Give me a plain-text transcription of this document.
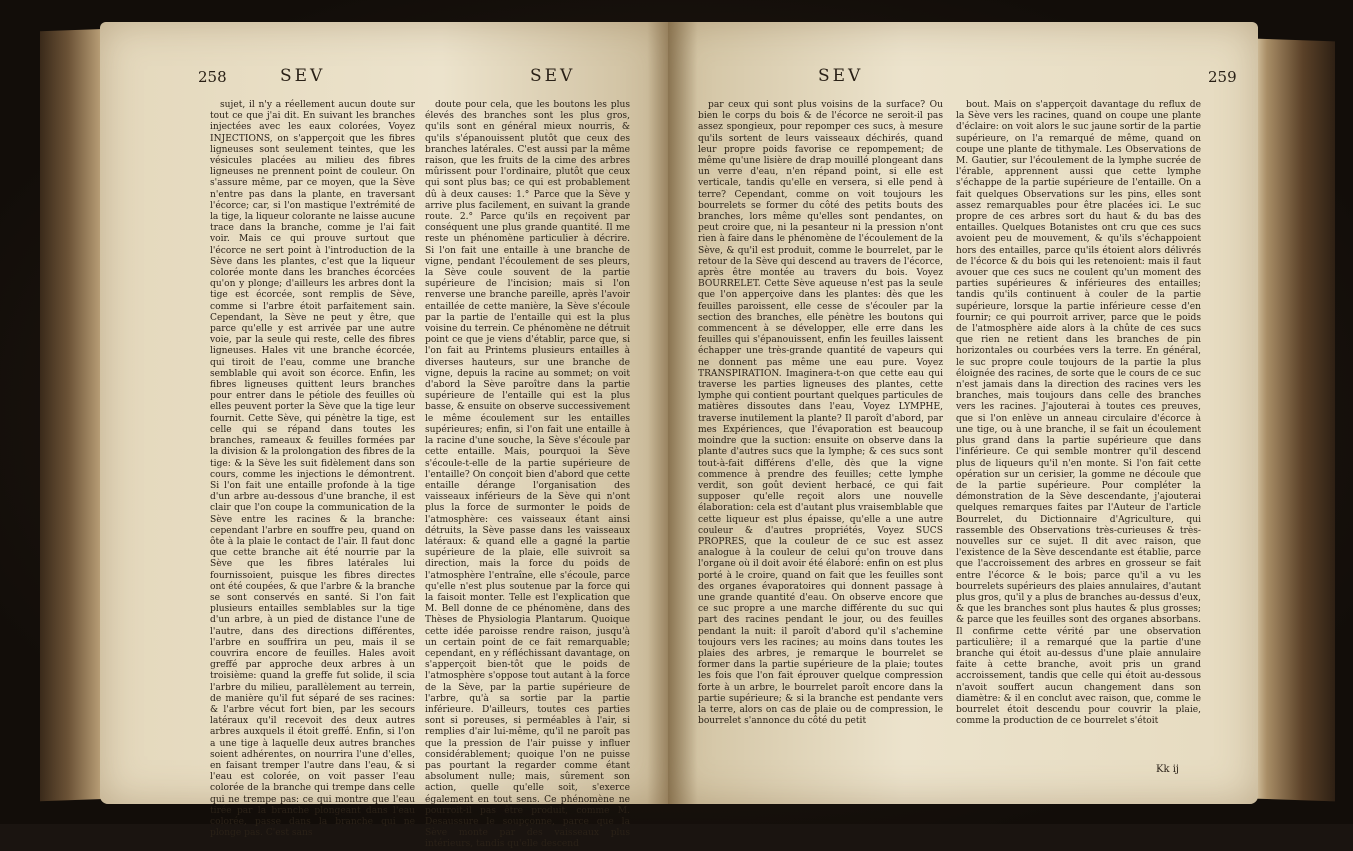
258	SEV	SEV

sujet, il n'y a réellement aucun doute sur tout ce que j'ai dit. En suivant les branches injectées avec les eaux colorées, Voyez INJECTIONS, on s'apperçoit que les fibres ligneuses sont seulement teintes, que les vésicules placées au milieu des fibres ligneuses ne prennent point de couleur. On s'assure même, par ce moyen, que la Sève n'entre pas dans la plante, en traversant l'écorce; car, si l'on mastique l'extrémité de la tige, la liqueur colorante ne laisse aucune trace dans la branche, comme je l'ai fait voir. Mais ce qui prouve surtout que l'écorce ne sert point à l'introduction de la Sève dans les plantes, c'est que la liqueur colorée monte dans les branches écorcées qu'on y plonge; d'ailleurs les arbres dont la tige est écorcée, sont remplis de Sève, comme si l'arbre étoit parfaitement sain. Cependant, la Sève ne peut y être, que parce qu'elle y est arrivée par une autre voie, par la seule qui reste, celle des fibres ligneuses. Hales vit une branche écorcée, qui tiroit de l'eau, comme une branche semblable qui avoit son écorce. Enfin, les fibres ligneuses quittent leurs branches pour entrer dans le pétiole des feuilles où elles peuvent porter la Sève que la tige leur fournit. Cette Sève, qui pénètre la tige, est celle qui se répand dans toutes les branches, rameaux & feuilles formées par la division & la prolongation des fibres de la tige: & la Sève les suit fidèlement dans son cours, comme les injections le démontrent. Si l'on fait une entaille profonde à la tige d'un arbre au-dessous d'une branche, il est clair que l'on coupe la communication de la Sève entre les racines & la branche: cependant l'arbre en souffre peu, quand on ôte à la plaie le contact de l'air. Il faut donc que cette branche ait été nourrie par la Sève que les fibres latérales lui fournissoient, puisque les fibres directes ont été coupées, & que l'arbre & la branche se sont conservés en santé. Si l'on fait plusieurs entailles semblables sur la tige d'un arbre, à un pied de distance l'une de l'autre, dans des directions différentes, l'arbre en souffrira un peu, mais il se couvrira encore de feuilles. Hales avoit greffé par approche deux arbres à un troisième: quand la greffe fut solide, il scia l'arbre du milieu, parallèlement au terrein, de manière qu'il fut séparé de ses racines: & l'arbre vécut fort bien, par les secours latéraux qu'il recevoit des deux autres arbres auxquels il étoit greffé. Enfin, si l'on a une tige à laquelle deux autres branches soient adhérentes, on nourrira l'une d'elles, en faisant tremper l'autre dans l'eau, & si l'eau est colorée, on voit passer l'eau colorée de la branche qui trempe dans celle qui ne trempe pas: ce qui montre que l'eau tirée par la branche plongeant dans l'eau colorée, passe dans la branche qui ne plonge pas. C'est sans

doute pour cela, que les boutons les plus élevés des branches sont les plus gros, qu'ils sont en général mieux nourris, & qu'ils s'épanouissent plutôt que ceux des branches latérales. C'est aussi par la même raison, que les fruits de la cime des arbres mûrissent pour l'ordinaire, plutôt que ceux qui sont plus bas; ce qui est probablement dû à deux causes: 1.° Parce que la Sève y arrive plus facilement, en suivant la grande route. 2.° Parce qu'ils en reçoivent par conséquent une plus grande quantité. Il me reste un phénomène particulier à décrire. Si l'on fait une entaille à une branche de vigne, pendant l'écoulement de ses pleurs, la Sève coule souvent de la partie supérieure de l'incision; mais si l'on renverse une branche pareille, après l'avoir entaillée de cette manière, la Sève s'écoule par la partie de l'entaille qui est la plus voisine du terrein. Ce phénomène ne détruit point ce que je viens d'établir, parce que, si l'on fait au Printems plusieurs entailles à diverses hauteurs, sur une branche de vigne, depuis la racine au sommet; on voit d'abord la Sève paroître dans la partie supérieure de l'entaille qui est la plus basse, & ensuite on observe successivement le même écoulement sur les entailles supérieures; enfin, si l'on fait une entaille à la racine d'une souche, la Sève s'écoule par cette entaille. Mais, pourquoi la Sève s'écoule-t-elle de la partie supérieure de l'entaille? On conçoit bien d'abord que cette entaille dérange l'organisation des vaisseaux inférieurs de la Sève qui n'ont plus la force de surmonter le poids de l'atmosphère: ces vaisseaux étant ainsi détruits, la Sève passe dans les vaisseaux latéraux: & quand elle a gagné la partie supérieure de la plaie, elle suivroit sa direction, mais la force du poids de l'atmosphère l'entraîne, elle s'écoule, parce qu'elle n'est plus soutenue par la force qui la faisoit monter. Telle est l'explication que M. Bell donne de ce phénomène, dans des Thèses de Physiologia Plantarum. Quoique cette idée paroisse rendre raison, jusqu'à un certain point de ce fait remarquable; cependant, en y réfléchissant davantage, on s'apperçoit bien-tôt que le poids de l'atmosphère s'oppose tout autant à la force de la Sève, par la partie supérieure de l'arbre, qu'à sa sortie par la partie inférieure. D'ailleurs, toutes ces parties sont si poreuses, si perméables à l'air, si remplies d'air lui-même, qu'il ne paroît pas que la pression de l'air puisse y influer considérablement; quoique l'on ne puisse pas pourtant la regarder comme étant absolument nulle; mais, sûrement son action, quelle qu'elle soit, s'exerce également en tout sens. Ce phénomène ne pourroit-il pas être produit, comme M. Desaussure le soupçonne, parce que la Sève monte par des vaisseaux plus intérieurs, tandis qu'elle descend

SEV	259

par ceux qui sont plus voisins de la surface? Ou bien le corps du bois & de l'écorce ne seroit-il pas assez spongieux, pour repomper ces sucs, à mesure qu'ils sortent de leurs vaisseaux déchirés, quand leur propre poids favorise ce repompement; de même qu'une lisière de drap mouillé plongeant dans un verre d'eau, n'en répand point, si elle est verticale, tandis qu'elle en versera, si elle pend à terre? Cependant, comme on voit toujours les bourrelets se former du côté des petits bouts des branches, lors même qu'elles sont pendantes, on peut croire que, ni la pesanteur ni la pression n'ont rien à faire dans le phénomène de l'écoulement de la Sève, & qu'il est produit, comme le bourrelet, par le retour de la Sève qui descend au travers de l'écorce, après être montée au travers du bois. Voyez BOURRELET. Cette Sève aqueuse n'est pas la seule que l'on apperçoive dans les plantes: dès que les feuilles paroissent, elle cesse de s'écouler par la section des branches, elle pénètre les boutons qui commencent à se développer, elle erre dans les feuilles qui s'épanouissent, enfin les feuilles laissent échapper une très-grande quantité de vapeurs qui ne donnent pas même une eau pure. Voyez TRANSPIRATION. Imaginera-t-on que cette eau qui traverse les parties ligneuses des plantes, cette lymphe qui contient pourtant quelques particules de matières dissoutes dans l'eau, Voyez LYMPHE, traverse inutilement la plante? Il paroît d'abord, par mes Expériences, que l'évaporation est beaucoup moindre que la suction: ensuite on observe dans la plante d'autres sucs que la lymphe; & ces sucs sont tout-à-fait différens d'elle, dès que la vigne commence à prendre des feuilles; cette lymphe verdit, son goût devient herbacé, ce qui fait supposer qu'elle reçoit alors une nouvelle élaboration: cela est d'autant plus vraisemblable que cette liqueur est plus épaisse, qu'elle a une autre couleur & d'autres propriétés, Voyez SUCS PROPRES, que la couleur de ce suc est assez analogue à la couleur de celui qu'on trouve dans l'organe où il doit avoir été élaboré: enfin on est plus porté à le croire, quand on fait que les feuilles sont des organes évaporatoires qui donnent passage à une grande quantité d'eau. On observe encore que ce suc propre a une marche différente du suc qui part des racines pendant le jour, ou des feuilles pendant la nuit: il paroît d'abord qu'il s'achemine toujours vers les racines; au moins dans toutes les plaies des arbres, je remarque le bourrelet se former dans la partie supérieure de la plaie; toutes les fois que l'on fait éprouver quelque compression forte à un arbre, le bourrelet paroît encore dans la partie supérieure; & si la branche est pendante vers la terre, alors on cas de plaie ou de compression, le bourrelet s'annonce du côté du petit

bout. Mais on s'apperçoit davantage du reflux de la Sève vers les racines, quand on coupe une plante d'éclaire: on voit alors le suc jaune sortir de la partie supérieure, on l'a remarqué de même, quand on coupe une plante de tithymale. Les Observations de M. Gautier, sur l'écoulement de la lymphe sucrée de l'érable, apprennent aussi que cette lymphe s'échappe de la partie supérieure de l'entaille. On a fait quelques Observations sur les pins, elles sont assez remarquables pour être placées ici. Le suc propre de ces arbres sort du haut & du bas des entailles. Quelques Botanistes ont cru que ces sucs avoient peu de mouvement, & qu'ils s'échappoient hors des entailles, parce qu'ils étoient alors délivrés de l'écorce & du bois qui les retenoient: mais il faut avouer que ces sucs ne coulent qu'un moment des parties supérieures & inférieures des entailles; tandis qu'ils continuent à couler de la partie supérieure, lorsque la partie inférieure cesse d'en fournir; ce qui pourroit arriver, parce que le poids de l'atmosphère aide alors à la chûte de ces sucs que rien ne retient dans les branches de pin horizontales ou courbées vers la terre. En général, le suc propre coule toujours de la partie la plus éloignée des racines, de sorte que le cours de ce suc n'est jamais dans la direction des racines vers les branches, mais toujours dans celle des branches vers les racines. J'ajouterai à toutes ces preuves, que si l'on enlève un anneau circulaire d'écorce à une tige, ou à une branche, il se fait un écoulement plus grand dans la partie supérieure que dans l'inférieure. Ce qui semble montrer qu'il descend plus de liqueurs qu'il n'en monte. Si l'on fait cette opération sur un cerisier, la gomme ne découle que de la partie supérieure. Pour compléter la démonstration de la Sève descendante, j'ajouterai quelques remarques faites par l'Auteur de l'article Bourrelet, du Dictionnaire d'Agriculture, qui rassemble des Observations très-curieuses & très-nouvelles sur ce sujet. Il dit avec raison, que l'existence de la Sève descendante est établie, parce que l'accroissement des arbres en grosseur se fait entre l'écorce & le bois; parce qu'il a vu les bourrelets supérieurs des plaies annulaires, d'autant plus gros, qu'il y a plus de branches au-dessus d'eux, & que les branches sont plus hautes & plus grosses; & parce que les feuilles sont des organes absorbans. Il confirme cette vérité par une observation particulière; il a remarqué que la partie d'une branche qui étoit au-dessus d'une plaie annulaire faite à cette branche, avoit pris un grand accroissement, tandis que celle qui étoit au-dessous n'avoit souffert aucun changement dans son diamètre: & il en conclut avec raison, que, comme le bourrelet étoit descendu pour couvrir la plaie, comme la production de ce bourrelet s'étoit

Kk ij
